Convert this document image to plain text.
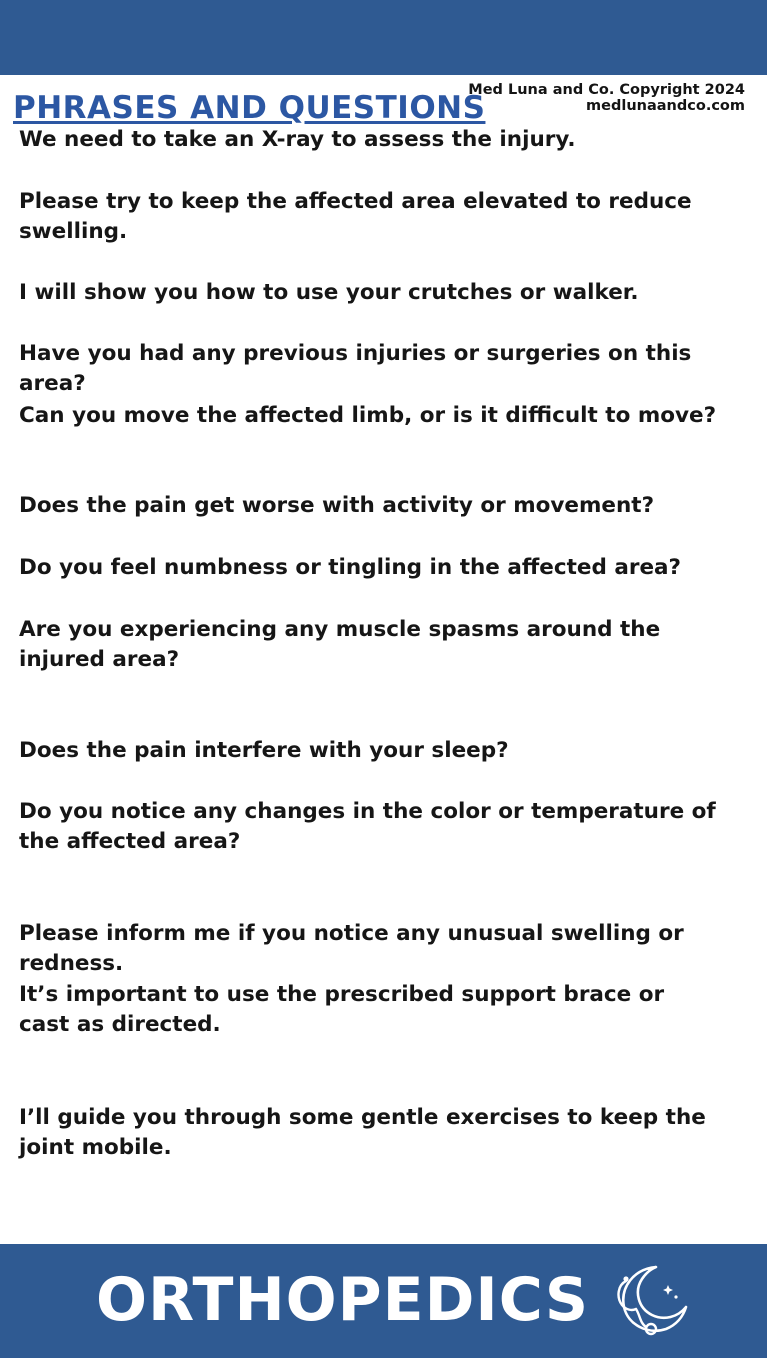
PHRASES AND QUESTIONS
Med Luna and Co. Copyright 2024
medlunaandco.com

We need to take an X-ray to assess the injury.

Please try to keep the affected area elevated to reduce swelling.

I will show you how to use your crutches or walker.

Have you had any previous injuries or surgeries on this area?

Can you move the affected limb, or is it difficult to move?

Does the pain get worse with activity or movement?

Do you feel numbness or tingling in the affected area?

Are you experiencing any muscle spasms around the injured area?

Does the pain interfere with your sleep?

Do you notice any changes in the color or temperature of the affected area?

Please inform me if you notice any unusual swelling or redness.

It’s important to use the prescribed support brace or cast as directed.

I’ll guide you through some gentle exercises to keep the joint mobile.

ORTHOPEDICS
